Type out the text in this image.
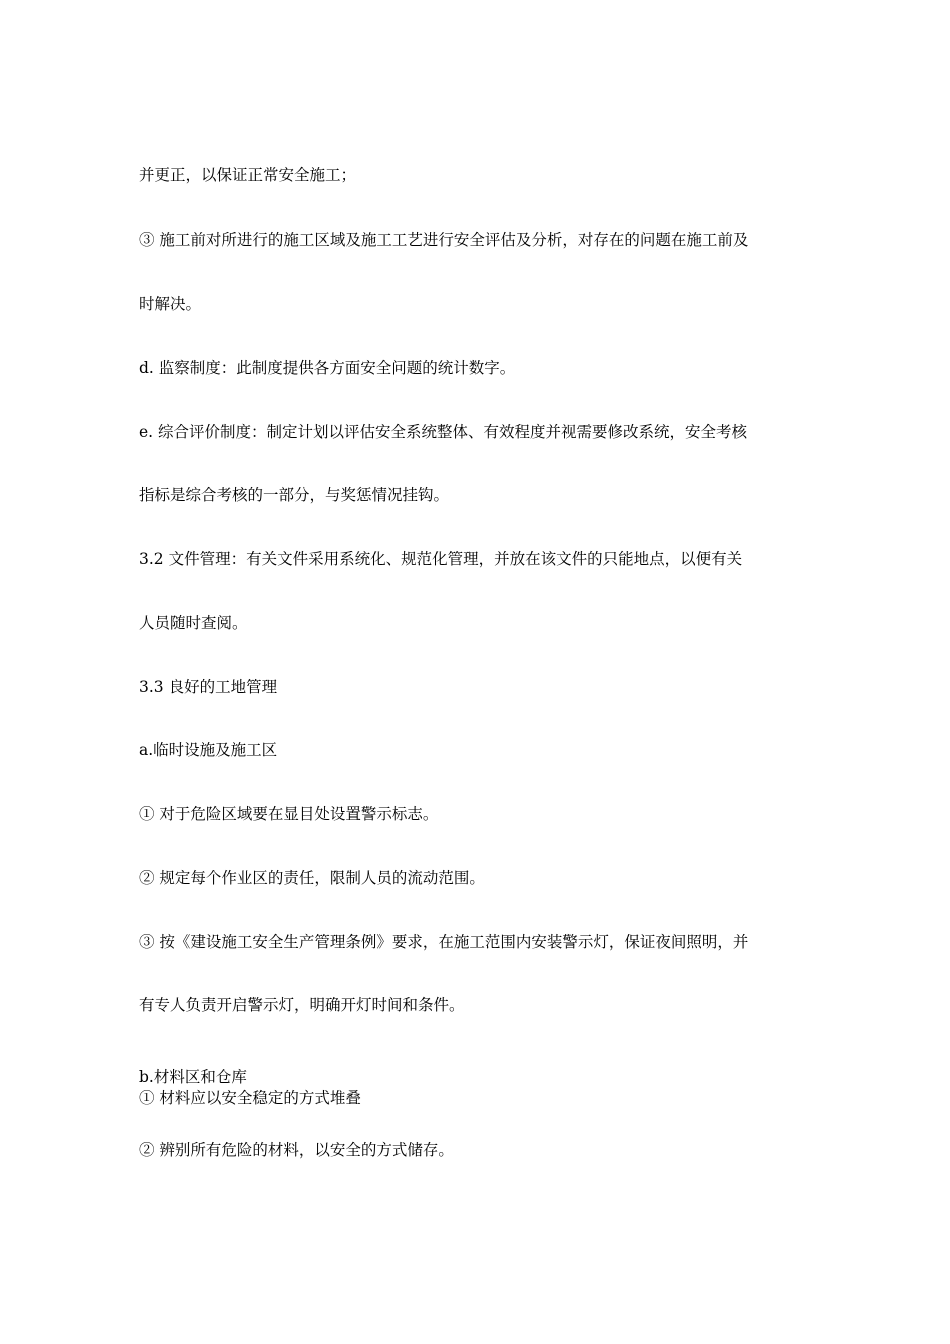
并更正，以保证正常安全施工；

③ 施工前对所进行的施工区域及施工工艺进行安全评估及分析，对存在的问题在施工前及

时解决。

d. 监察制度：此制度提供各方面安全问题的统计数字。

e. 综合评价制度：制定计划以评估安全系统整体、有效程度并视需要修改系统，安全考核

指标是综合考核的一部分，与奖惩情况挂钩。

3.2 文件管理：有关文件采用系统化、规范化管理，并放在该文件的只能地点，以便有关

人员随时查阅。

3.3 良好的工地管理

a.临时设施及施工区

① 对于危险区域要在显目处设置警示标志。

② 规定每个作业区的责任，限制人员的流动范围。

③ 按《建设施工安全生产管理条例》要求，在施工范围内安装警示灯，保证夜间照明，并

有专人负责开启警示灯，明确开灯时间和条件。

b.材料区和仓库

① 材料应以安全稳定的方式堆叠

② 辨别所有危险的材料，以安全的方式储存。
